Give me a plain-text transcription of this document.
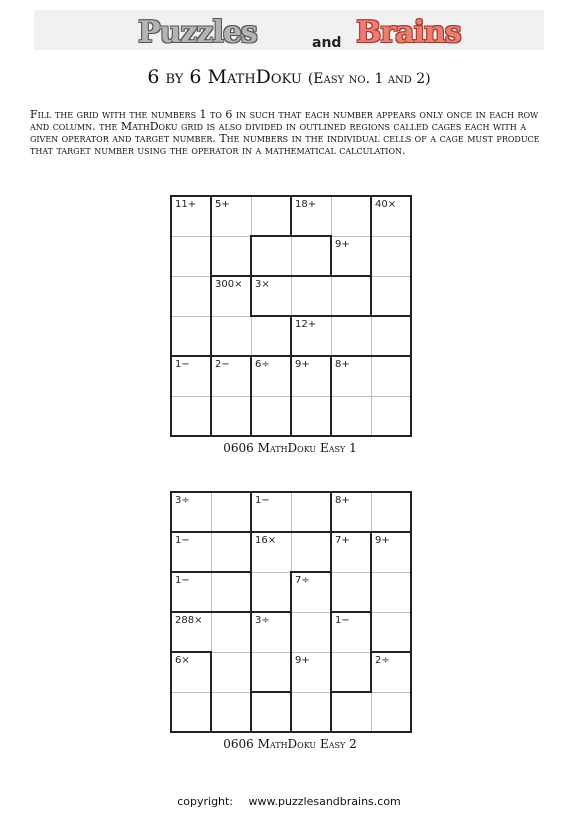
Puzzles	and Brains
6 by 6 MathDoku (Easy no. 1 and 2)
Fill the grid with the numbers 1 to 6 in such that each number appears only once in each row and column. the MathDoku grid is also divided in outlined regions called cages each with a given operator and target number. The numbers in the individual cells of a cage must produce that target number using the operator in a mathematical calculation.
11+	5+		18+		40×

				9+	

	300×	3×			

			12+		

1−	2−	6÷	9+	8+	

0606 MathDoku Easy 1
3÷		1−		8+	

1−		16×		7+	9+

1−			7÷		

288×		3÷		1−	

6×			9+		2÷

0606 MathDoku Easy 2
copyright: www.puzzlesandbrains.com
